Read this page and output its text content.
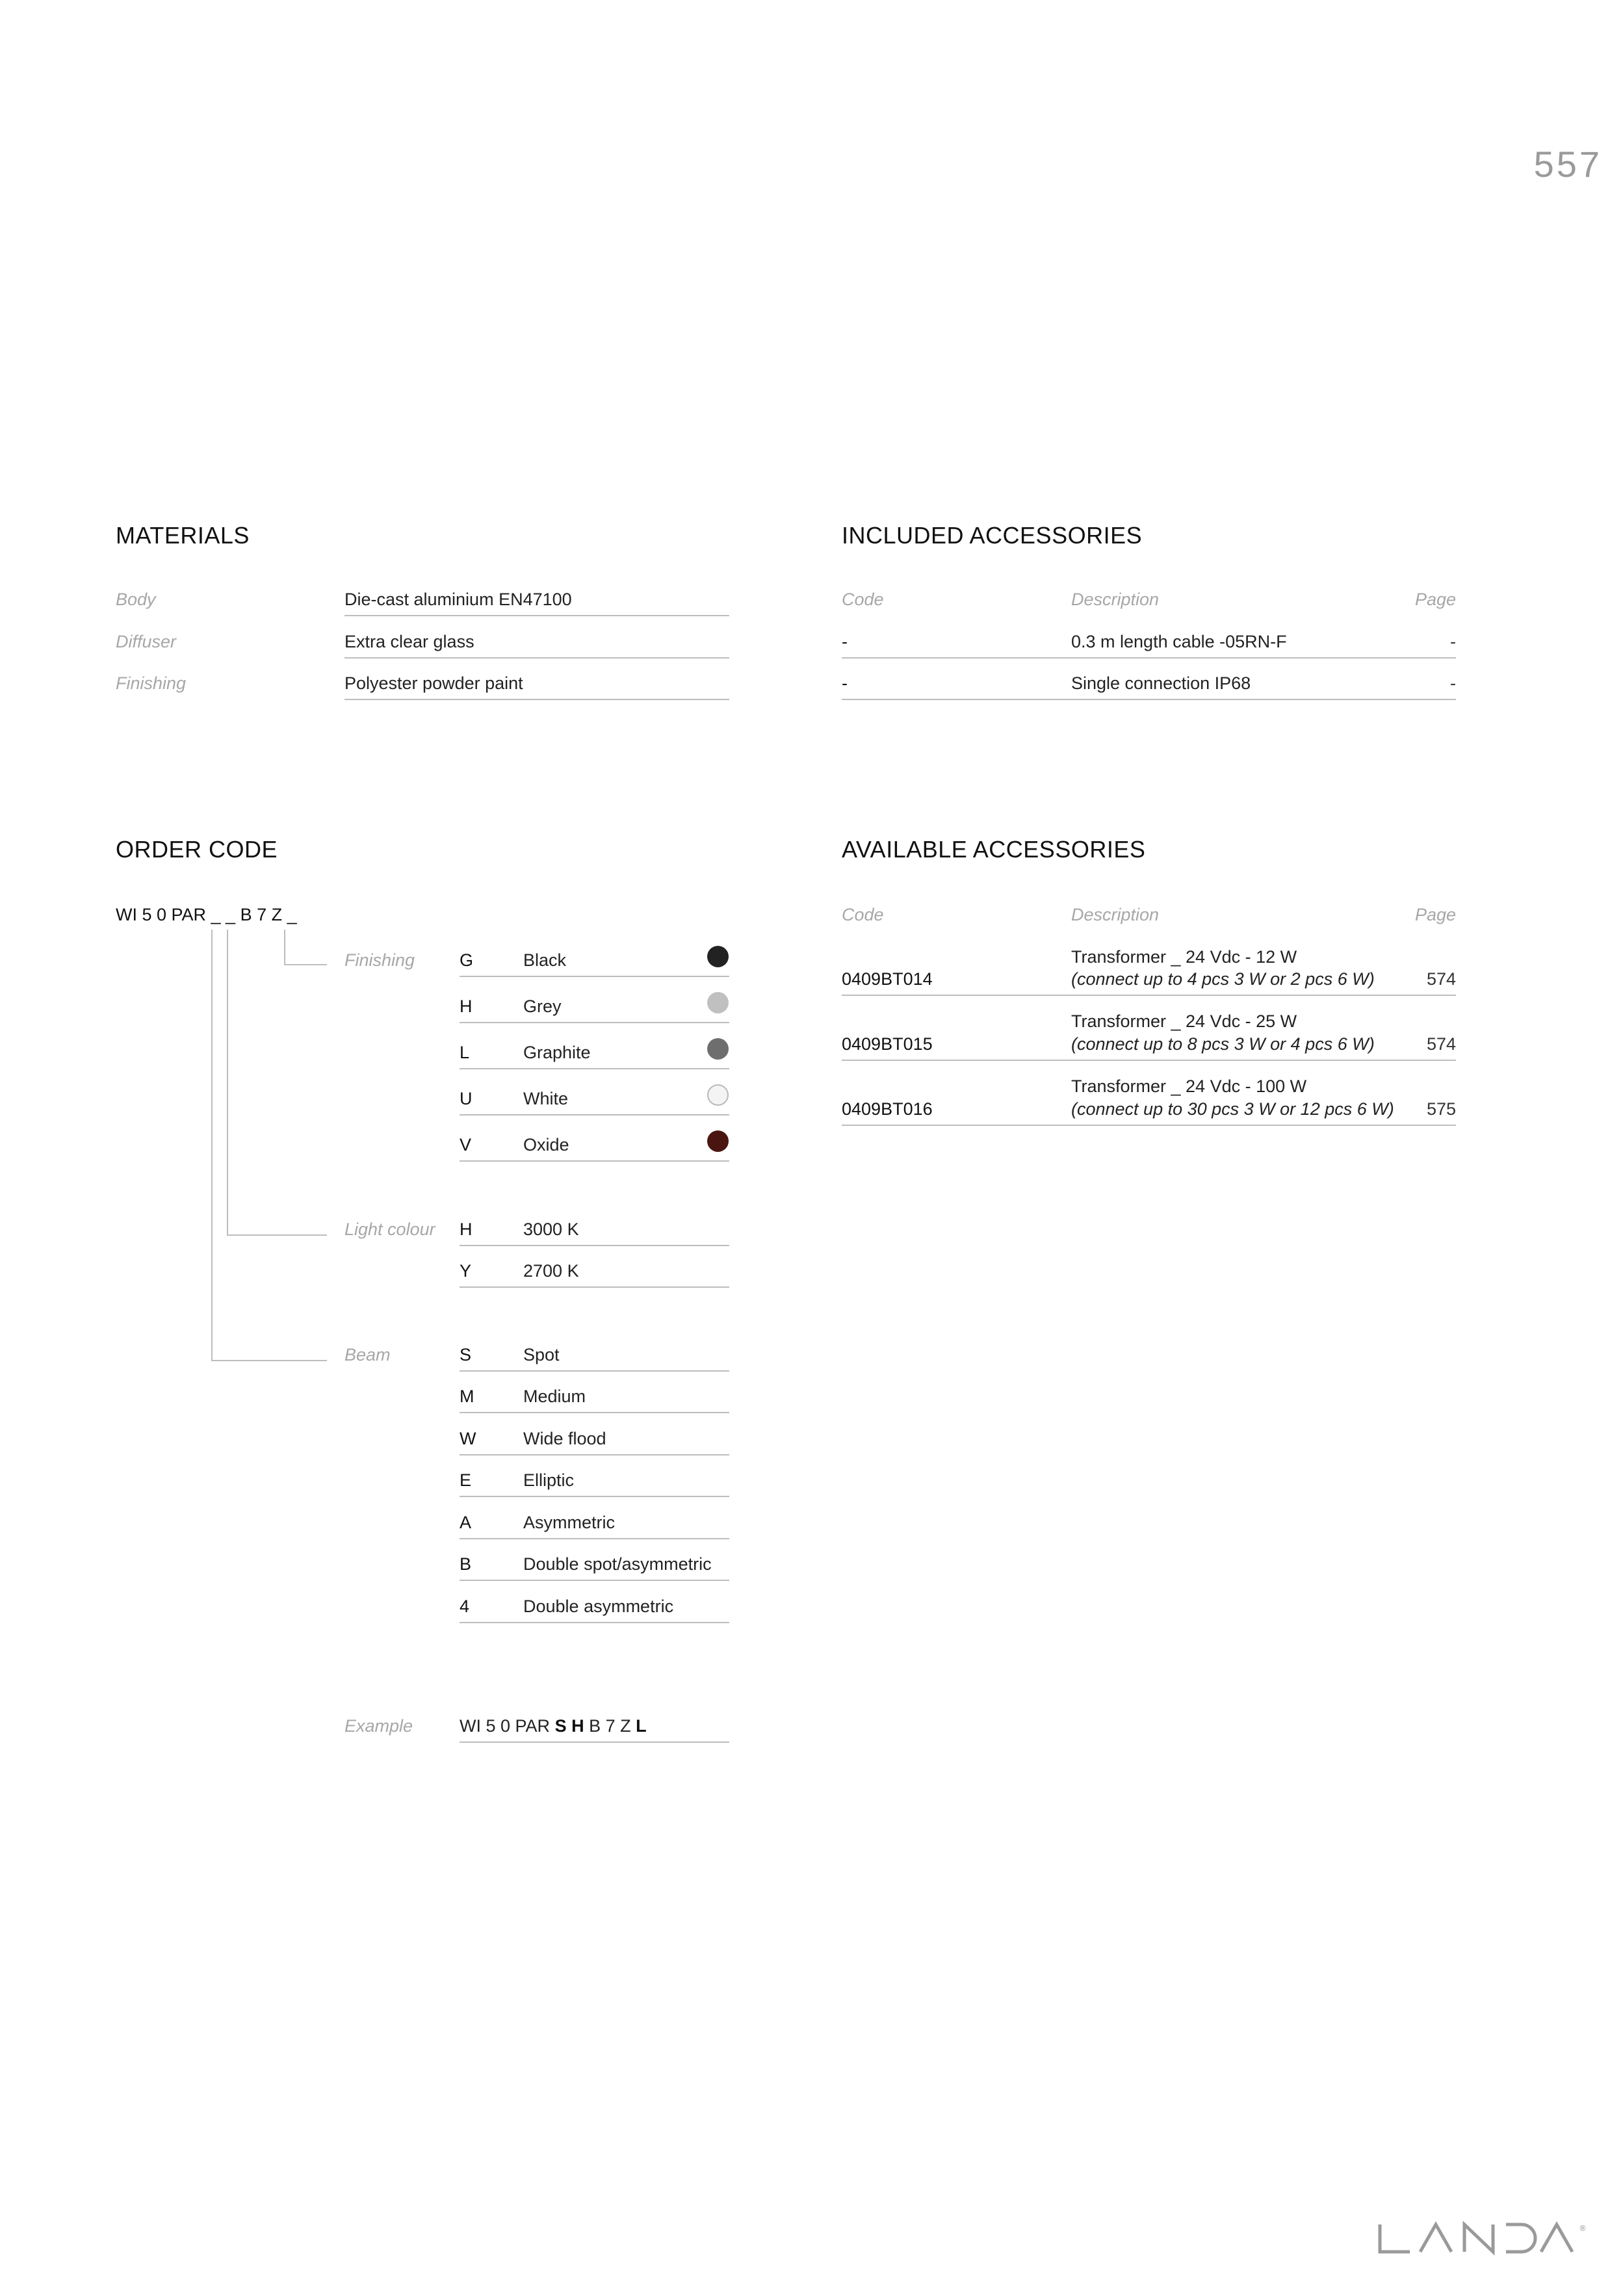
557
MATERIALS
Body	Die-cast aluminium EN47100
Diffuser	Extra clear glass
Finishing	Polyester powder paint
INCLUDED ACCESSORIES
Code	Description	Page
-	0.3 m length cable -05RN-F	-
-	Single connection IP68	-
ORDER CODE
WI 5 0 PAR _ _ B 7 Z _
Finishing	G	Black
H	Grey
L	Graphite
U	White
V	Oxide
Light colour H	3000 K
Y	2700 K
Beam	S	Spot
M	Medium
W	Wide flood
E	Elliptic
A	Asymmetric
B	Double spot/asymmetric
4	Double asymmetric
Example	WI 5 0 PAR S H B 7 Z L
AVAILABLE ACCESSORIES
Code	Description	Page
Transformer _ 24 Vdc - 12 W
0409BT014	(connect up to 4 pcs 3 W or 2 pcs 6 W)	574
Transformer _ 24 Vdc - 25 W
0409BT015	(connect up to 8 pcs 3 W or 4 pcs 6 W)	574
Transformer _ 24 Vdc - 100 W
0409BT016	(connect up to 30 pcs 3 W or 12 pcs 6 W) 575
®
